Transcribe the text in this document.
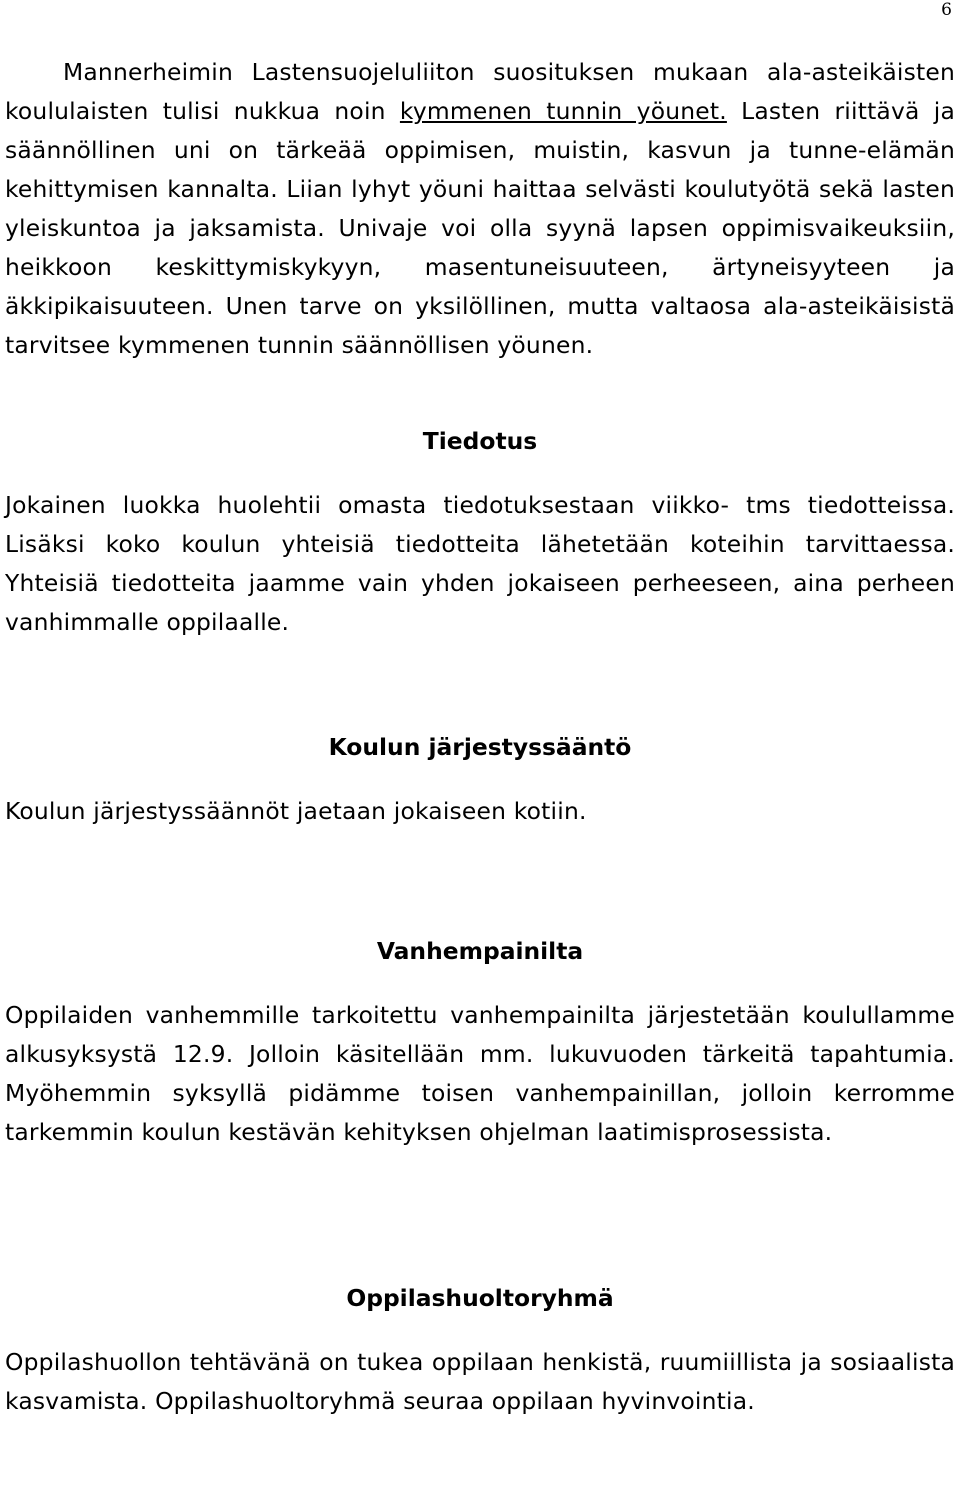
6

Mannerheimin Lastensuojeluliiton suosituksen mukaan ala-asteikäisten koululaisten tulisi nukkua noin kymmenen tunnin yöunet. Lasten riittävä ja säännöllinen uni on tärkeää oppimisen, muistin, kasvun ja tunne-elämän kehittymisen kannalta. Liian lyhyt yöuni haittaa selvästi koulutyötä sekä lasten yleiskuntoa ja jaksamista. Univaje voi olla syynä lapsen oppimisvaikeuksiin, heikkoon keskittymiskykyyn, masentuneisuuteen, ärtyneisyyteen ja äkkipikaisuuteen. Unen tarve on yksilöllinen, mutta valtaosa ala-asteikäisistä tarvitsee kymmenen tunnin säännöllisen yöunen.

Tiedotus

Jokainen luokka huolehtii omasta tiedotuksestaan viikko- tms tiedotteissa. Lisäksi koko koulun yhteisiä tiedotteita lähetetään koteihin tarvittaessa. Yhteisiä tiedotteita jaamme vain yhden jokaiseen perheeseen, aina perheen vanhimmalle oppilaalle.

Koulun järjestyssääntö

Koulun järjestyssäännöt jaetaan jokaiseen kotiin.

Vanhempainilta

Oppilaiden vanhemmille tarkoitettu vanhempainilta järjestetään koulullamme alkusyksystä 12.9. Jolloin käsitellään mm. lukuvuoden tärkeitä tapahtumia. Myöhemmin syksyllä pidämme toisen vanhempainillan, jolloin kerromme tarkemmin koulun kestävän kehityksen ohjelman laatimisprosessista.

Oppilashuoltoryhmä

Oppilashuollon tehtävänä on tukea oppilaan henkistä, ruumiillista ja sosiaalista kasvamista. Oppilashuoltoryhmä seuraa oppilaan hyvinvointia.
